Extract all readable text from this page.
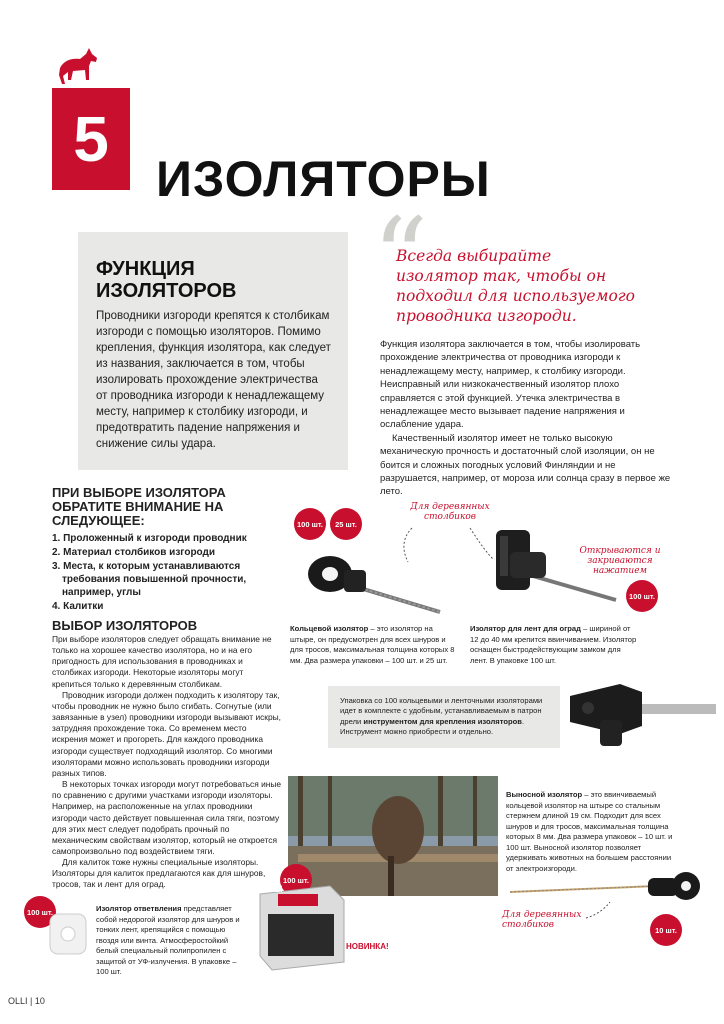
5
ИЗОЛЯТОРЫ
ФУНКЦИЯ ИЗОЛЯТОРОВ

Проводники изгороди крепятся к столбикам изгороди с помощью изоляторов. Помимо крепления, функция изолятора, как следует из названия, заключается в том, чтобы изолировать прохождение электричества от проводника изгороди к ненадлежащему месту, например к столбику изгороди, и предотвратить падение напряжения и снижение силы удара.

“
Всегда выбирайте изолятор так, чтобы он подходил для используемого проводника изгороди.

Функция изолятора заключается в том, чтобы изолировать прохождение электричества от проводника изгороди к ненадлежащему месту, например, к столбику изгороди. Неисправный или низкокачественный изолятор плохо справляется с этой функцией. Утечка электричества в ненадлежащее место вызывает падение напряжения и ослабление удара.

Качественный изолятор имеет не только высокую механическую прочность и достаточный слой изоляции, он не боится и сложных погодных условий Финляндии и не разрушается, например, от мороза или солнца сразу в первое же лето.

ПРИ ВЫБОРЕ ИЗОЛЯТОРА ОБРАТИТЕ ВНИМАНИЕ НА СЛЕДУЮЩЕЕ:
1. Проложенный к изгороди проводник
2. Материал столбиков изгороди
3. Места, к которым устанавливаются требования повышенной прочности, например, углы
4. Калитки
ВЫБОР ИЗОЛЯТОРОВ

При выборе изоляторов следует обращать внимание не только на хорошее качество изолятора, но и на его пригодность для использования в проводниках и столбиках изгороди. Некоторые изоляторы могут крепиться только к деревянным столбикам.

Проводник изгороди должен подходить к изолятору так, чтобы проводник не нужно было сгибать. Согнутые (или завязанные в узел) проводники изгороди вызывают искры, затрудняя прохождение тока. Со временем место искрения может и прогореть. Для каждого проводника изгороди существует подходящий изолятор. Со многими изоляторами можно использовать проводники изгороди разных типов.

В некоторых точках изгороди могут потребоваться иные по сравнению с другими участками изгороди изоляторы. Например, на расположенные на углах проводники изгороди часто действует повышенная сила тяги, поэтому для этих мест следует подобрать прочный по механическим свойствам изолятор, который не откроется самопроизвольно под воздействием тяги.

Для калиток тоже нужны специальные изоляторы. Изоляторы для калиток предлагаются как для шнуров, тросов, так и лент для оград.

100 шт.	25 шт.
100 шт.
Для деревянных столбиков
Открываются и закриваются нажатием
Кольцевой изолятор – это изолятор на штыре, он предусмотрен для всех шнуров и для тросов, максимальная толщина которых 8 мм. Два размера упаковки – 100 шт. и 25 шт.
Изолятор для лент для оград – шириной от 12 до 40 мм крепится ввинчиванием. Изолятор оснащен быстродействующим замком для лент. В упаковке 100 шт.
Упаковка со 100 кольцевыми и ленточными изоляторами идет в комплекте с удобным, устанавливаемым в патрон дрели инструментом для крепления изоляторов. Инструмент можно приобрести и отдельно.
100 шт.
OLLI
НОВИНКА!
100 шт.	Изолятор ответвления представляет собой недорогой изолятор для шнуров и тонких лент, крепящийся с помощью гвоздя или винта. Атмосферостойкий белый специальный полипропилен с защитой от УФ-излучения. В упаковке – 100 шт.
Выносной изолятор – это ввинчиваемый кольцевой изолятор на штыре со стальным стержнем длиной 19 см. Подходит для всех шнуров и для тросов, максимальная толщина которых 8 мм. Два размера упаковок – 10 шт. и 100 шт. Выносной изолятор позволяет удерживать животных на большем расстоянии от электроизгороди.
Для деревянных столбиков	10 шт.
OLLI | 10
